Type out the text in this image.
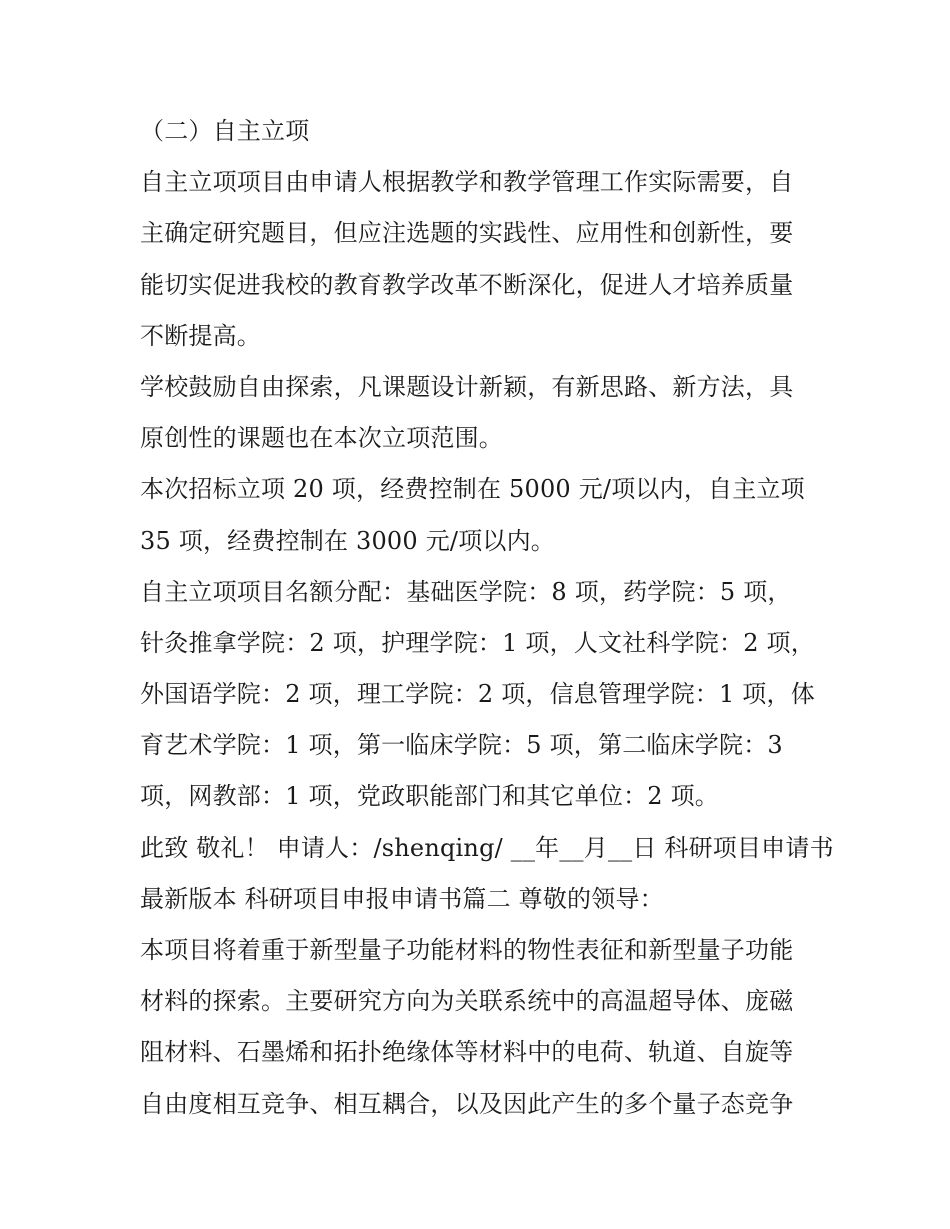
（二）自主立项
自主立项项目由申请人根据教学和教学管理工作实际需要，自
主确定研究题目，但应注选题的实践性、应用性和创新性，要
能切实促进我校的教育教学改革不断深化，促进人才培养质量
不断提高。
学校鼓励自由探索，凡课题设计新颖，有新思路、新方法，具
原创性的课题也在本次立项范围。
本次招标立项 20 项，经费控制在 5000 元/项以内，自主立项
35 项，经费控制在 3000 元/项以内。
自主立项项目名额分配：基础医学院：8 项，药学院：5 项，
针灸推拿学院：2 项，护理学院：1 项，人文社科学院：2 项，
外国语学院：2 项，理工学院：2 项，信息管理学院：1 项，体
育艺术学院：1 项，第一临床学院：5 项，第二临床学院：3
项，网教部：1 项，党政职能部门和其它单位：2 项。
此致 敬礼！ 申请人：/shenqing/ __年__月__日 科研项目申请书
最新版本 科研项目申报申请书篇二 尊敬的领导：
本项目将着重于新型量子功能材料的物性表征和新型量子功能
材料的探索。主要研究方向为关联系统中的高温超导体、庞磁
阻材料、石墨烯和拓扑绝缘体等材料中的电荷、轨道、自旋等
自由度相互竞争、相互耦合，以及因此产生的多个量子态竞争
